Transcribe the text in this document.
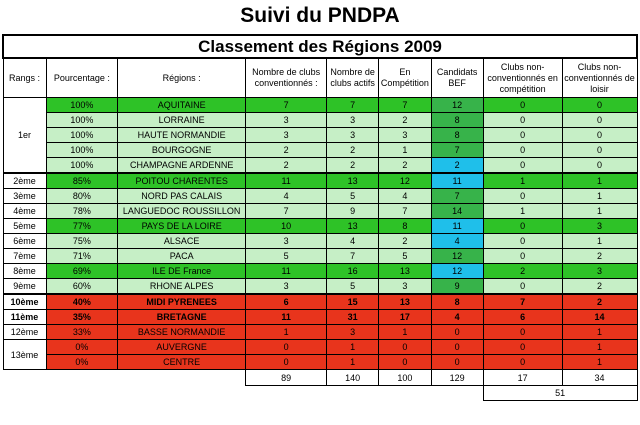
Suivi du PNDPA
Classement des Régions 2009								
Rangs :	Pourcentage :	Régions :	Nombre de clubs conventionnés :	Nombre de clubs actifs	En Compétition	Candidats BEF	Clubs non-conventionnés en compétition	Clubs non-conventionnés de loisir
1er	100%	AQUITAINE	7	7	7	12	0	0
	100%	LORRAINE	3	3	2	8	0	0
	100%	HAUTE NORMANDIE	3	3	3	8	0	0
	100%	BOURGOGNE	2	2	1	7	0	0
	100%	CHAMPAGNE ARDENNE	2	2	2	2	0	0
2ème	85%	POITOU CHARENTES	11	13	12	11	1	1
3ème	80%	NORD PAS CALAIS	4	5	4	7	0	1
4ème	78%	LANGUEDOC ROUSSILLON	7	9	7	14	1	1
5ème	77%	PAYS DE LA LOIRE	10	13	8	11	0	3
6ème	75%	ALSACE	3	4	2	4	0	1
7ème	71%	PACA	5	7	5	12	0	2
8ème	69%	ILE DE France	11	16	13	12	2	3
9ème	60%	RHONE ALPES	3	5	3	9	0	2
10ème	40%	MIDI PYRENEES	6	15	13	8	7	2
11ème	35%	BRETAGNE	11	31	17	4	6	14
12ème	33%	BASSE NORMANDIE	1	3	1	0	0	1
13ème	0%	AUVERGNE	0	1	0	0	0	1
	0%	CENTRE	0	1	0	0	0	1
			89	140	100	129	17	34
							51	
